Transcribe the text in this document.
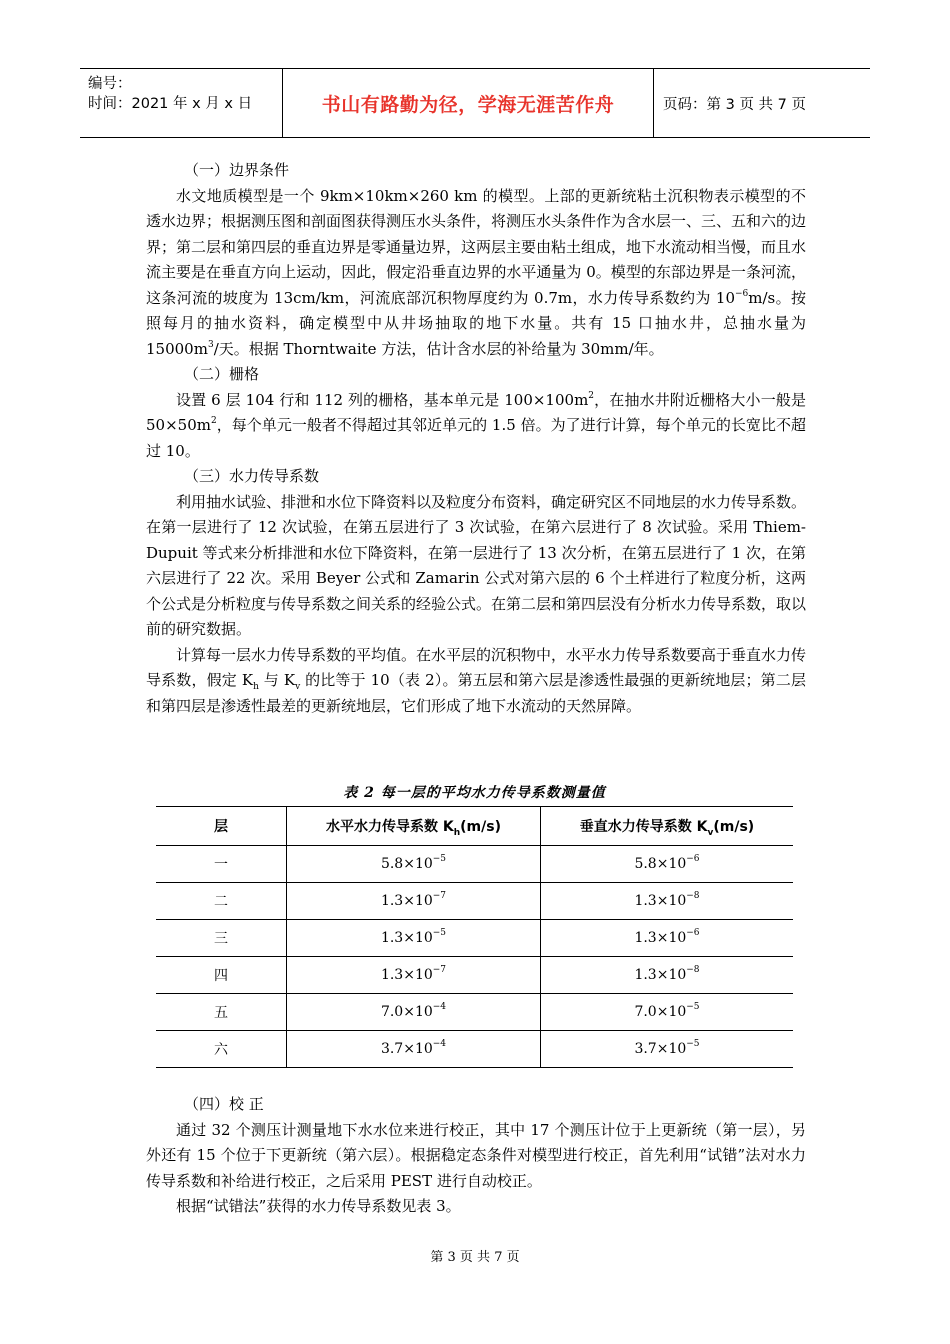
编号：
时间：2021 年 x 月 x 日	书山有路勤为径，学海无涯苦作舟	页码：第 3 页 共 7 页
（一）边界条件

水文地质模型是一个 9km×10km×260 km 的模型。上部的更新统粘土沉积物表示模型的不透水边界；根据测压图和剖面图获得测压水头条件，将测压水头条件作为含水层一、三、五和六的边界；第二层和第四层的垂直边界是零通量边界，这两层主要由粘土组成，地下水流动相当慢，而且水流主要是在垂直方向上运动，因此，假定沿垂直边界的水平通量为 0。模型的东部边界是一条河流，这条河流的坡度为 13cm/km，河流底部沉积物厚度约为 0.7m，水力传导系数约为 $10^{-6}m/s$。按照每月的抽水资料，确定模型中从井场抽取的地下水量。共有 15 口抽水井，总抽水量为 $15000m^3/$天。根据 Thorntwaite 方法，估计含水层的补给量为 30mm/年。

（二）栅格

设置 6 层 104 行和 112 列的栅格，基本单元是 $100\times 100m^2$，在抽水井附近栅格大小一般是 $50\times 50m^2$，每个单元一般者不得超过其邻近单元的 1.5 倍。为了进行计算，每个单元的长宽比不超过 10。

（三）水力传导系数

利用抽水试验、排泄和水位下降资料以及粒度分布资料，确定研究区不同地层的水力传导系数。在第一层进行了 12 次试验，在第五层进行了 3 次试验，在第六层进行了 8 次试验。采用 Thiem-Dupuit 等式来分析排泄和水位下降资料，在第一层进行了 13 次分析，在第五层进行了 1 次，在第六层进行了 22 次。采用 Beyer 公式和 Zamarin 公式对第六层的 6 个土样进行了粒度分析，这两个公式是分析粒度与传导系数之间关系的经验公式。在第二层和第四层没有分析水力传导系数，取以前的研究数据。

计算每一层水力传导系数的平均值。在水平层的沉积物中，水平水力传导系数要高于垂直水力传导系数，假定 $K_h$ 与 $K_v$ 的比等于 10（表 2）。第五层和第六层是渗透性最强的更新统地层；第二层和第四层是渗透性最差的更新统地层，它们形成了地下水流动的天然屏障。

表 2 每一层的平均水力传导系数测量值
层	水平水力传导系数 $K_h(m/s)$	垂直水力传导系数 $K_v(m/s)$
一	$5.8\times 10^{-5}$	$5.8\times 10^{-6}$
二	$1.3\times 10^{-7}$	$1.3\times 10^{-8}$
三	$1.3\times 10^{-5}$	$1.3\times 10^{-6}$
四	$1.3\times 10^{-7}$	$1.3\times 10^{-8}$
五	$7.0\times 10^{-4}$	$7.0\times 10^{-5}$
六	$3.7\times 10^{-4}$	$3.7\times 10^{-5}$
（四）校 正

通过 32 个测压计测量地下水水位来进行校正，其中 17 个测压计位于上更新统（第一层），另外还有 15 个位于下更新统（第六层）。根据稳定态条件对模型进行校正，首先利用“试错”法对水力传导系数和补给进行校正，之后采用 PEST 进行自动校正。

根据“试错法”获得的水力传导系数见表 3。

第 3 页 共 7 页
